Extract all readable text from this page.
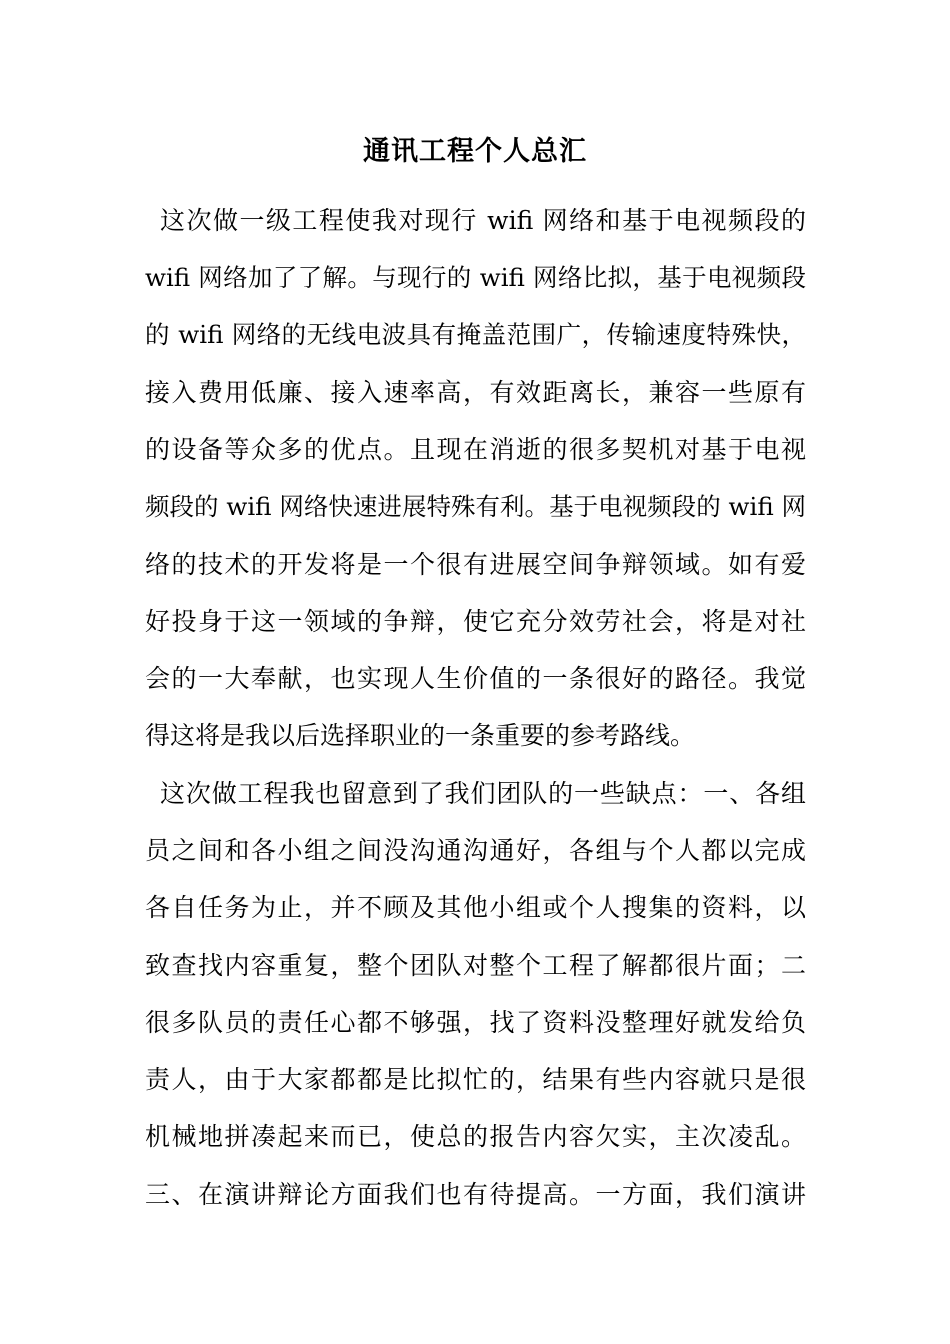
通讯工程个人总汇

这次做一级工程使我对现行 wifi 网络和基于电视频段的

wifi 网络加了了解。与现行的 wifi 网络比拟，基于电视频段

的 wifi 网络的无线电波具有掩盖范围广，传输速度特殊快，

接入费用低廉、接入速率高，有效距离长，兼容一些原有

的设备等众多的优点。且现在消逝的很多契机对基于电视

频段的 wifi 网络快速进展特殊有利。基于电视频段的 wifi 网

络的技术的开发将是一个很有进展空间争辩领域。如有爱

好投身于这一领域的争辩，使它充分效劳社会，将是对社

会的一大奉献，也实现人生价值的一条很好的路径。我觉

得这将是我以后选择职业的一条重要的参考路线。

这次做工程我也留意到了我们团队的一些缺点：一、各组

员之间和各小组之间没沟通沟通好，各组与个人都以完成

各自任务为止，并不顾及其他小组或个人搜集的资料，以

致查找内容重复，整个团队对整个工程了解都很片面；二

很多队员的责任心都不够强，找了资料没整理好就发给负

责人，由于大家都都是比拟忙的，结果有些内容就只是很

机械地拼凑起来而已，使总的报告内容欠实，主次凌乱。

三、在演讲辩论方面我们也有待提高。一方面，我们演讲
